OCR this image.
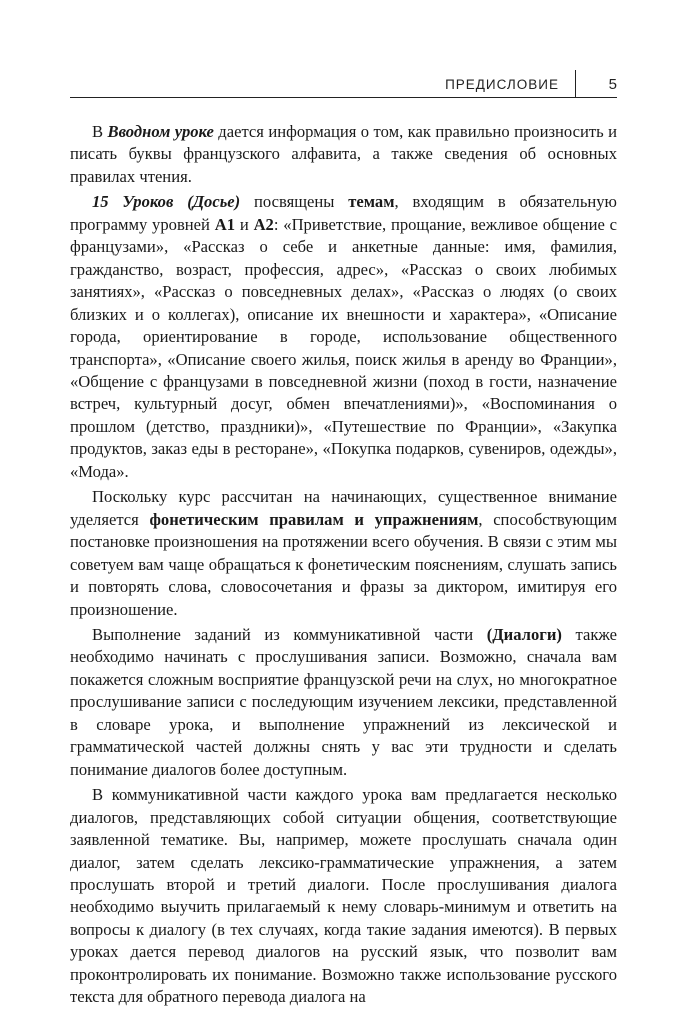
ПРЕДИСЛОВИЕ	5

В Вводном уроке дается информация о том, как правильно произносить и писать буквы французского алфавита, а также сведения об основных правилах чтения.

15 Уроков (Досье) посвящены темам, входящим в обязательную программу уровней А1 и А2: «Приветствие, прощание, вежливое общение с французами», «Рассказ о себе и анкетные данные: имя, фамилия, гражданство, возраст, профессия, адрес», «Рассказ о своих любимых занятиях», «Рассказ о повседневных делах», «Рассказ о людях (о своих близких и о коллегах), описание их внешности и характера», «Описание города, ориентирование в городе, использование общественного транспорта», «Описание своего жилья, поиск жилья в аренду во Франции», «Общение с французами в повседневной жизни (поход в гости, назначение встреч, культурный досуг, обмен впечатлениями)», «Воспоминания о прошлом (детство, праздники)», «Путешествие по Франции», «Закупка продуктов, заказ еды в ресторане», «Покупка подарков, сувениров, одежды», «Мода».

Поскольку курс рассчитан на начинающих, существенное внимание уделяется фонетическим правилам и упражнениям, способствующим постановке произношения на протяжении всего обучения. В связи с этим мы советуем вам чаще обращаться к фонетическим пояснениям, слушать запись и повторять слова, словосочетания и фразы за диктором, имитируя его произношение.

Выполнение заданий из коммуникативной части (Диалоги) также необходимо начинать с прослушивания записи. Возможно, сначала вам покажется сложным восприятие французской речи на слух, но многократное прослушивание записи с последующим изучением лексики, представленной в словаре урока, и выполнение упражнений из лексической и грамматической частей должны снять у вас эти трудности и сделать понимание диалогов более доступным.

В коммуникативной части каждого урока вам предлагается несколько диалогов, представляющих собой ситуации общения, соответствующие заявленной тематике. Вы, например, можете прослушать сначала один диалог, затем сделать лексико-грамматические упражнения, а затем прослушать второй и третий диалоги. После прослушивания диалога необходимо выучить прилагаемый к нему словарь-минимум и ответить на вопросы к диалогу (в тех случаях, когда такие задания имеются). В первых уроках дается перевод диалогов на русский язык, что позволит вам проконтролировать их понимание. Возможно также использование русского текста для обратного перевода диалога на
